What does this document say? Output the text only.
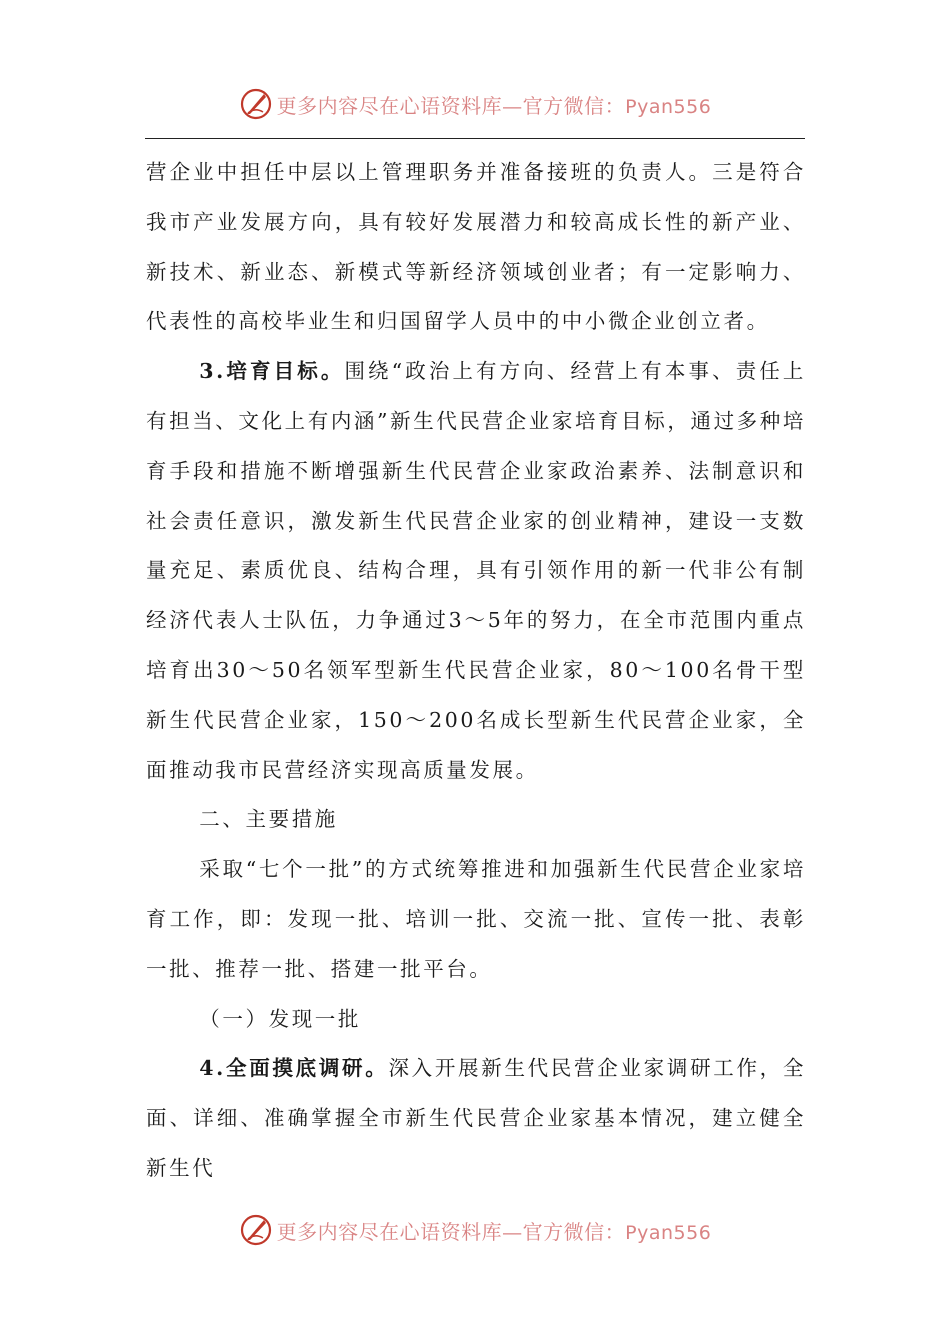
更多内容尽在心语资料库—官方微信：Pyan556

营企业中担任中层以上管理职务并准备接班的负责人。三是符合我市产业发展方向，具有较好发展潜力和较高成长性的新产业、新技术、新业态、新模式等新经济领域创业者；有一定影响力、代表性的高校毕业生和归国留学人员中的中小微企业创立者。

3.培育目标。围绕“政治上有方向、经营上有本事、责任上有担当、文化上有内涵”新生代民营企业家培育目标，通过多种培育手段和措施不断增强新生代民营企业家政治素养、法制意识和社会责任意识，激发新生代民营企业家的创业精神，建设一支数量充足、素质优良、结构合理，具有引领作用的新一代非公有制经济代表人士队伍，力争通过3～5年的努力，在全市范围内重点培育出30～50名领军型新生代民营企业家，80～100名骨干型新生代民营企业家，150～200名成长型新生代民营企业家，全面推动我市民营经济实现高质量发展。

二、主要措施

采取“七个一批”的方式统筹推进和加强新生代民营企业家培育工作，即：发现一批、培训一批、交流一批、宣传一批、表彰一批、推荐一批、搭建一批平台。

（一）发现一批

4.全面摸底调研。深入开展新生代民营企业家调研工作，全面、详细、准确掌握全市新生代民营企业家基本情况，建立健全新生代

更多内容尽在心语资料库—官方微信：Pyan556
